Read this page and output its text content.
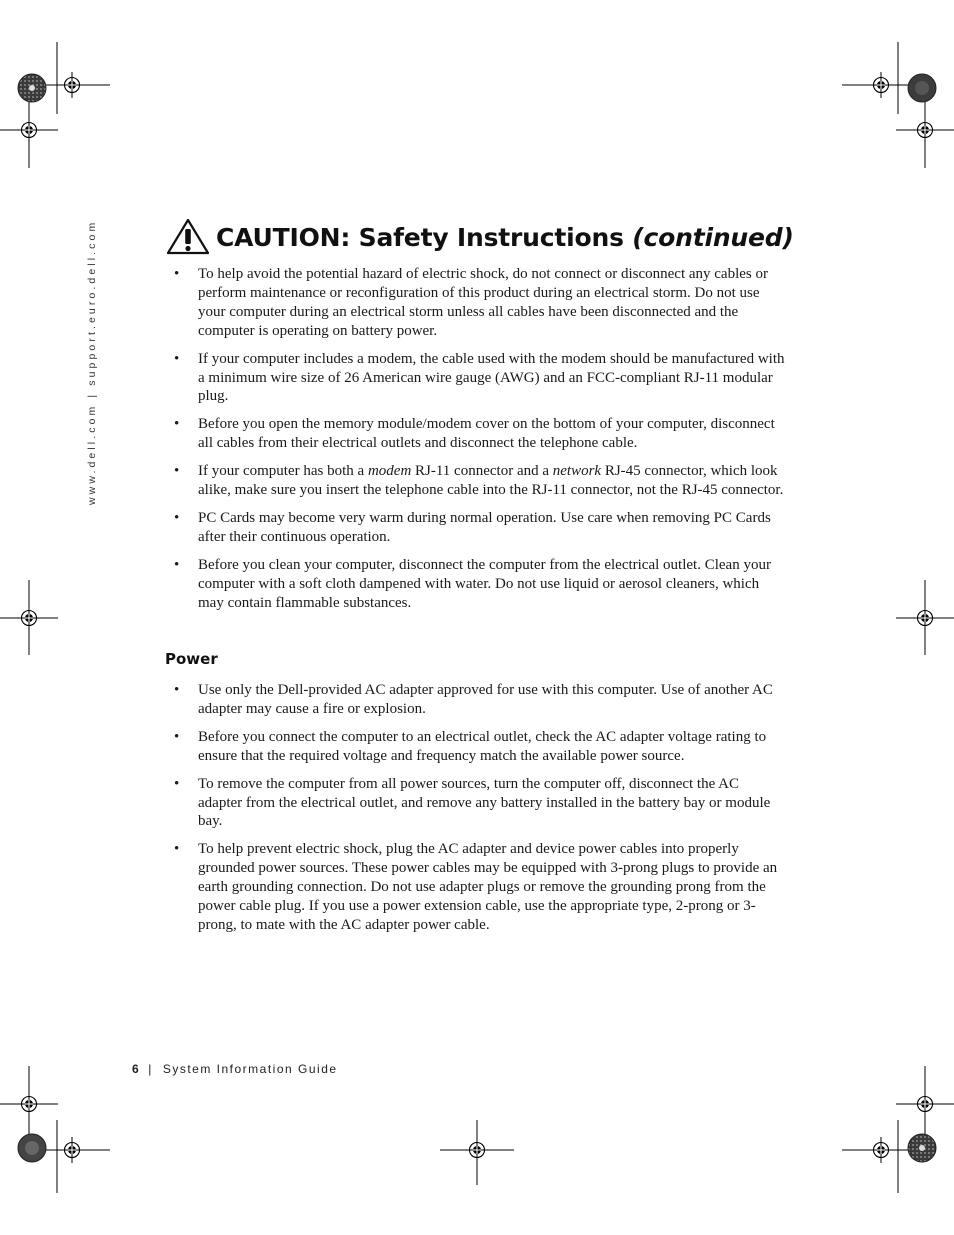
www.dell.com | support.euro.dell.com	CAUTION: Safety Instructions (continued)
• To help avoid the potential hazard of electric shock, do not connect or disconnect any cables or perform maintenance or reconfiguration of this product during an electrical storm. Do not use your computer during an electrical storm unless all cables have been disconnected and the computer is operating on battery power.
• If your computer includes a modem, the cable used with the modem should be manufactured with a minimum wire size of 26 American wire gauge (AWG) and an FCC-compliant RJ-11 modular plug.
• Before you open the memory module/modem cover on the bottom of your computer, disconnect all cables from their electrical outlets and disconnect the telephone cable.
• If your computer has both a modem RJ-11 connector and a network RJ-45 connector, which look alike, make sure you insert the telephone cable into the RJ-11 connector, not the RJ-45 connector.
• PC Cards may become very warm during normal operation. Use care when removing PC Cards after their continuous operation.
• Before you clean your computer, disconnect the computer from the electrical outlet. Clean your computer with a soft cloth dampened with water. Do not use liquid or aerosol cleaners, which may contain flammable substances.
Power
• Use only the Dell-provided AC adapter approved for use with this computer. Use of another AC adapter may cause a fire or explosion.
• Before you connect the computer to an electrical outlet, check the AC adapter voltage rating to ensure that the required voltage and frequency match the available power source.
• To remove the computer from all power sources, turn the computer off, disconnect the AC adapter from the electrical outlet, and remove any battery installed in the battery bay or module bay.
• To help prevent electric shock, plug the AC adapter and device power cables into properly grounded power sources. These power cables may be equipped with 3-prong plugs to provide an earth grounding connection. Do not use adapter plugs or remove the grounding prong from the power cable plug. If you use a power extension cable, use the appropriate type, 2-prong or 3-prong, to mate with the AC adapter power cable.
6 | System Information Guide
